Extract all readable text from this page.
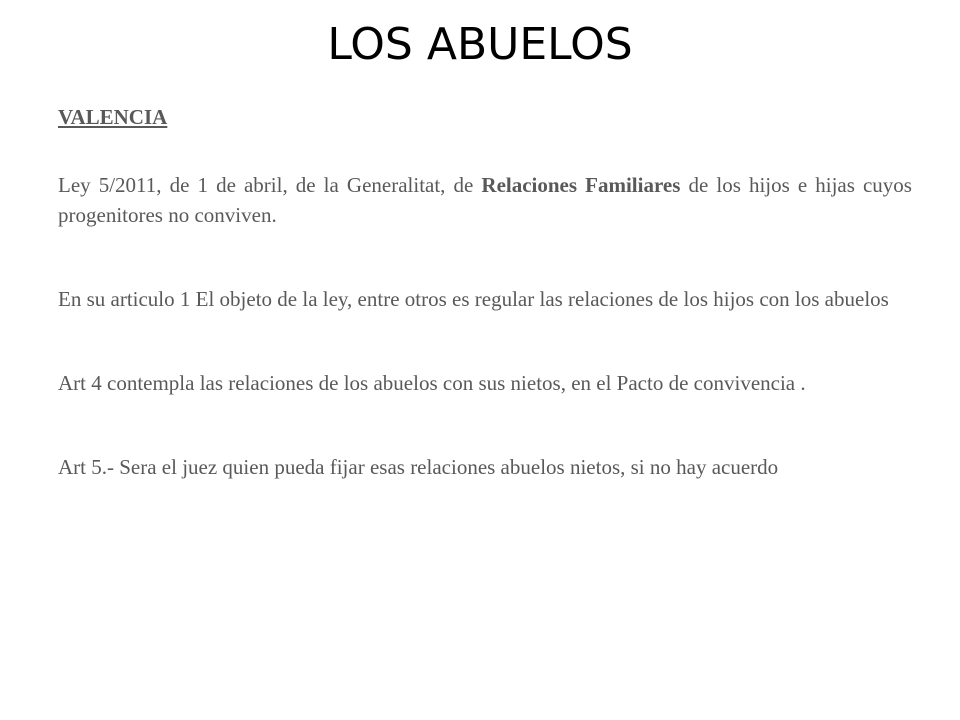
LOS ABUELOS

VALENCIA

Ley 5/2011, de 1 de abril, de la Generalitat, de Relaciones Familiares de los hijos e hijas cuyos progenitores no conviven.

En su articulo 1 El objeto de la ley, entre otros es regular las relaciones de los hijos con los abuelos

Art 4 contempla las relaciones de los abuelos con sus nietos, en el Pacto de convivencia .

Art 5.- Sera el juez quien pueda fijar esas relaciones abuelos nietos, si no hay acuerdo
